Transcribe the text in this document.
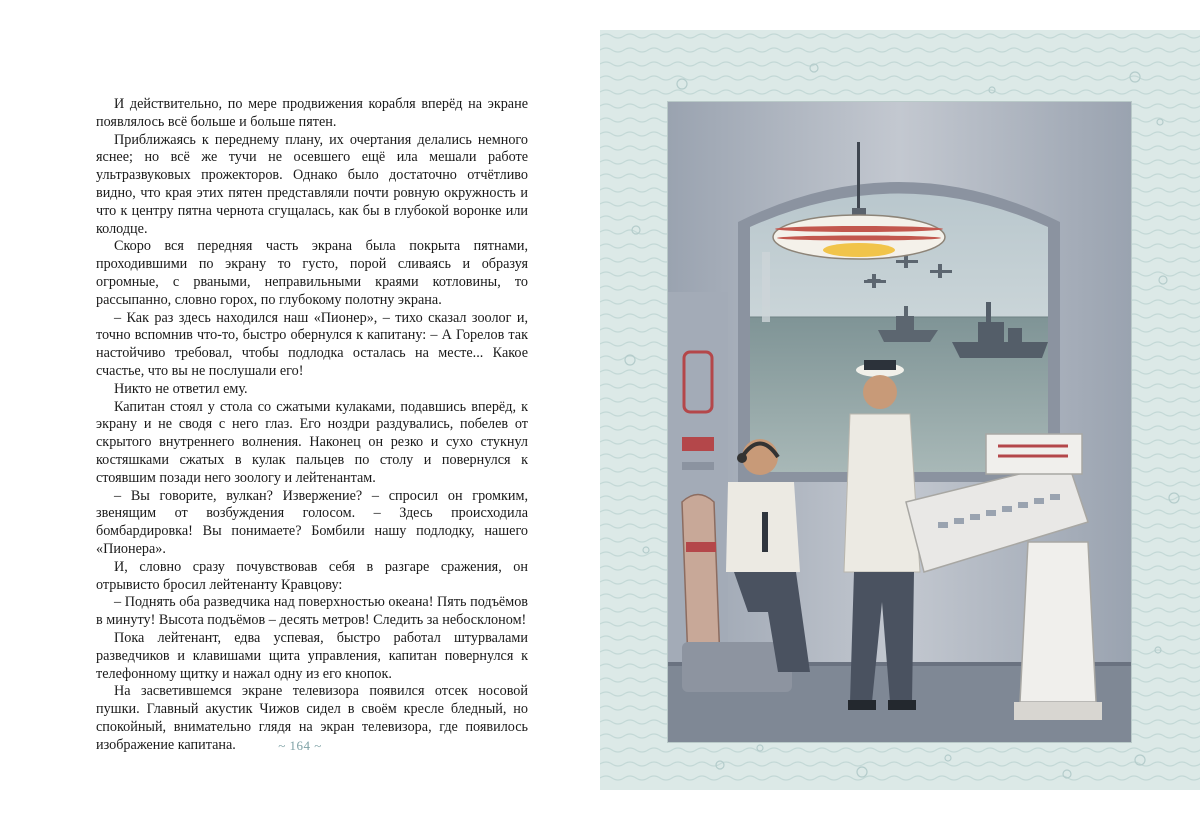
И действительно, по мере продвижения корабля вперёд на экране появлялось всё больше и больше пятен.

Приближаясь к переднему плану, их очертания делались немного яснее; но всё же тучи не осевшего ещё ила мешали работе ультразвуковых прожекторов. Однако было достаточно отчётливо видно, что края этих пятен представляли почти ровную окружность и что к центру пятна чернота сгущалась, как бы в глубокой воронке или колодце.

Скоро вся передняя часть экрана была покрыта пятнами, проходившими по экрану то густо, порой сливаясь и образуя огромные, с рваными, неправильными краями котловины, то рассыпанно, словно горох, по глубокому полотну экрана.

– Как раз здесь находился наш «Пионер», – тихо сказал зоолог и, точно вспомнив что-то, быстро обернулся к капитану: – А Горелов так настойчиво требовал, чтобы подлодка осталась на месте... Какое счастье, что вы не послушали его!

Никто не ответил ему.

Капитан стоял у стола со сжатыми кулаками, подавшись вперёд, к экрану и не сводя с него глаз. Его ноздри раздувались, побелев от скрытого внутреннего волнения. Наконец он резко и сухо стукнул костяшками сжатых в кулак пальцев по столу и повернулся к стоявшим позади него зоологу и лейтенантам.

– Вы говорите, вулкан? Извержение? – спросил он громким, звенящим от возбуждения голосом. – Здесь происходила бомбардировка! Вы понимаете? Бомбили нашу подлодку, нашего «Пионера».

И, словно сразу почувствовав себя в разгаре сражения, он отрывисто бросил лейтенанту Кравцову:

– Поднять оба разведчика над поверхностью океана! Пять подъёмов в минуту! Высота подъёмов – десять метров! Следить за небосклоном!

Пока лейтенант, едва успевая, быстро работал штурвалами разведчиков и клавишами щита управления, капитан повернулся к телефонному щитку и нажал одну из его кнопок.

На засветившемся экране телевизора появился отсек носовой пушки. Главный акустик Чижов сидел в своём кресле бледный, но спокойный, внимательно глядя на экран телевизора, где появилось изображение капитана.	~ 164 ~
